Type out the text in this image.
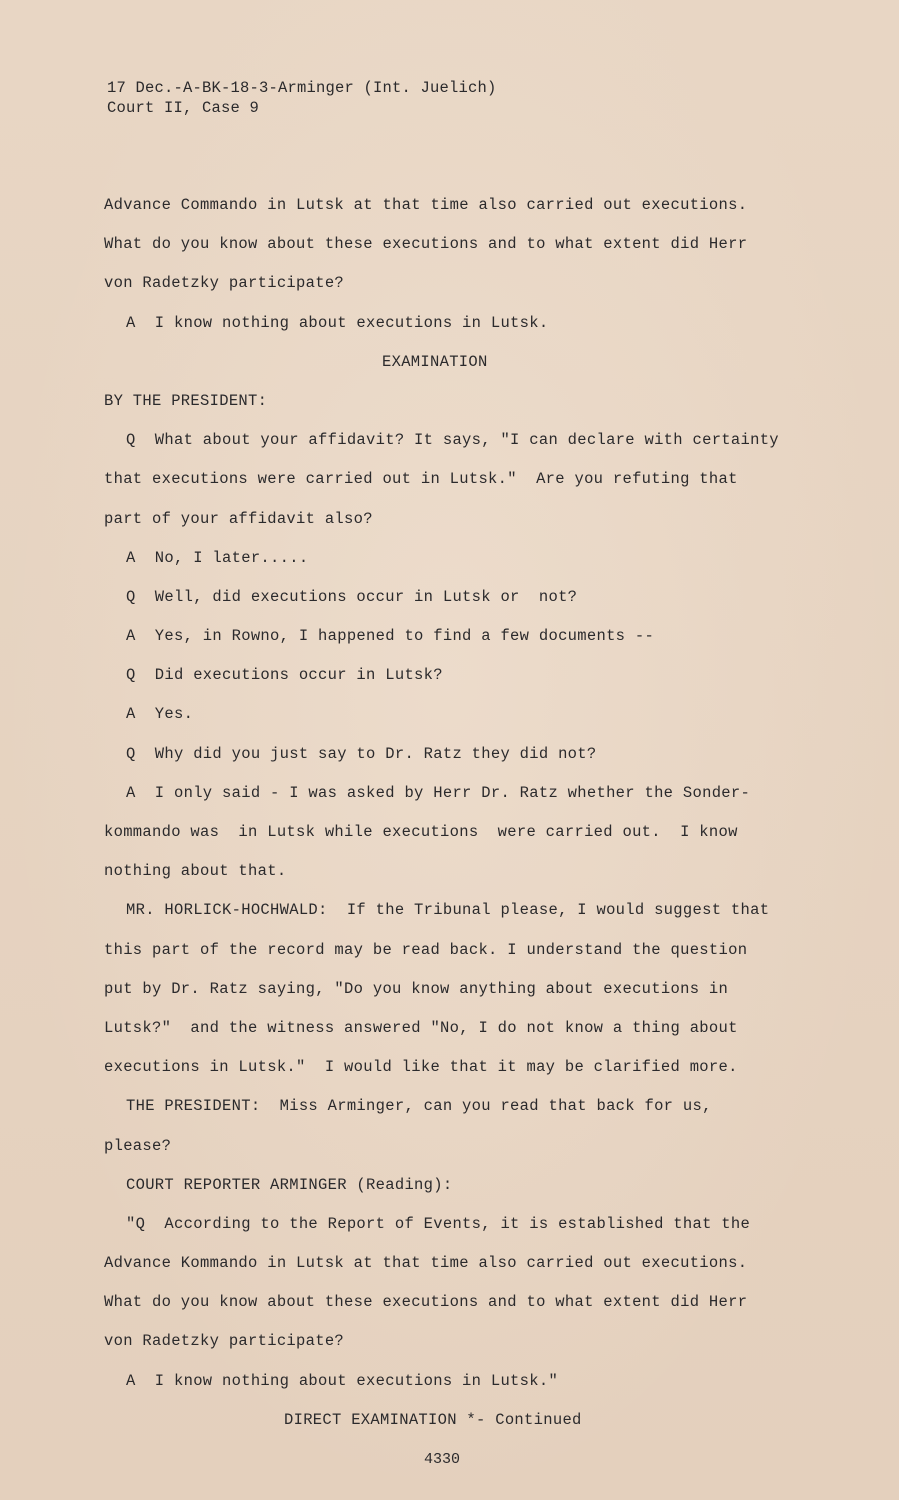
17 Dec.-A-BK-18-3-Arminger (Int. Juelich)
Court II, Case 9
Advance Commando in Lutsk at that time also carried out executions.
What do you know about these executions and to what extent did Herr
von Radetzky participate?
A  I know nothing about executions in Lutsk.
EXAMINATION
BY THE PRESIDENT:
Q  What about your affidavit? It says, "I can declare with certainty
that executions were carried out in Lutsk."  Are you refuting that
part of your affidavit also?
A  No, I later.....
Q  Well, did executions occur in Lutsk or  not?
A  Yes, in Rowno, I happened to find a few documents --
Q  Did executions occur in Lutsk?
A  Yes.
Q  Why did you just say to Dr. Ratz they did not?
A  I only said - I was asked by Herr Dr. Ratz whether the Sonder-
kommando was  in Lutsk while executions  were carried out.  I know
nothing about that.
MR. HORLICK-HOCHWALD:  If the Tribunal please, I would suggest that
this part of the record may be read back. I understand the question
put by Dr. Ratz saying, "Do you know anything about executions in
Lutsk?"  and the witness answered "No, I do not know a thing about
executions in Lutsk."  I would like that it may be clarified more.
THE PRESIDENT:  Miss Arminger, can you read that back for us,
please?
COURT REPORTER ARMINGER (Reading):
"Q  According to the Report of Events, it is established that the
Advance Kommando in Lutsk at that time also carried out executions.
What do you know about these executions and to what extent did Herr
von Radetzky participate?
A  I know nothing about executions in Lutsk."
DIRECT EXAMINATION *- Continued
4330
